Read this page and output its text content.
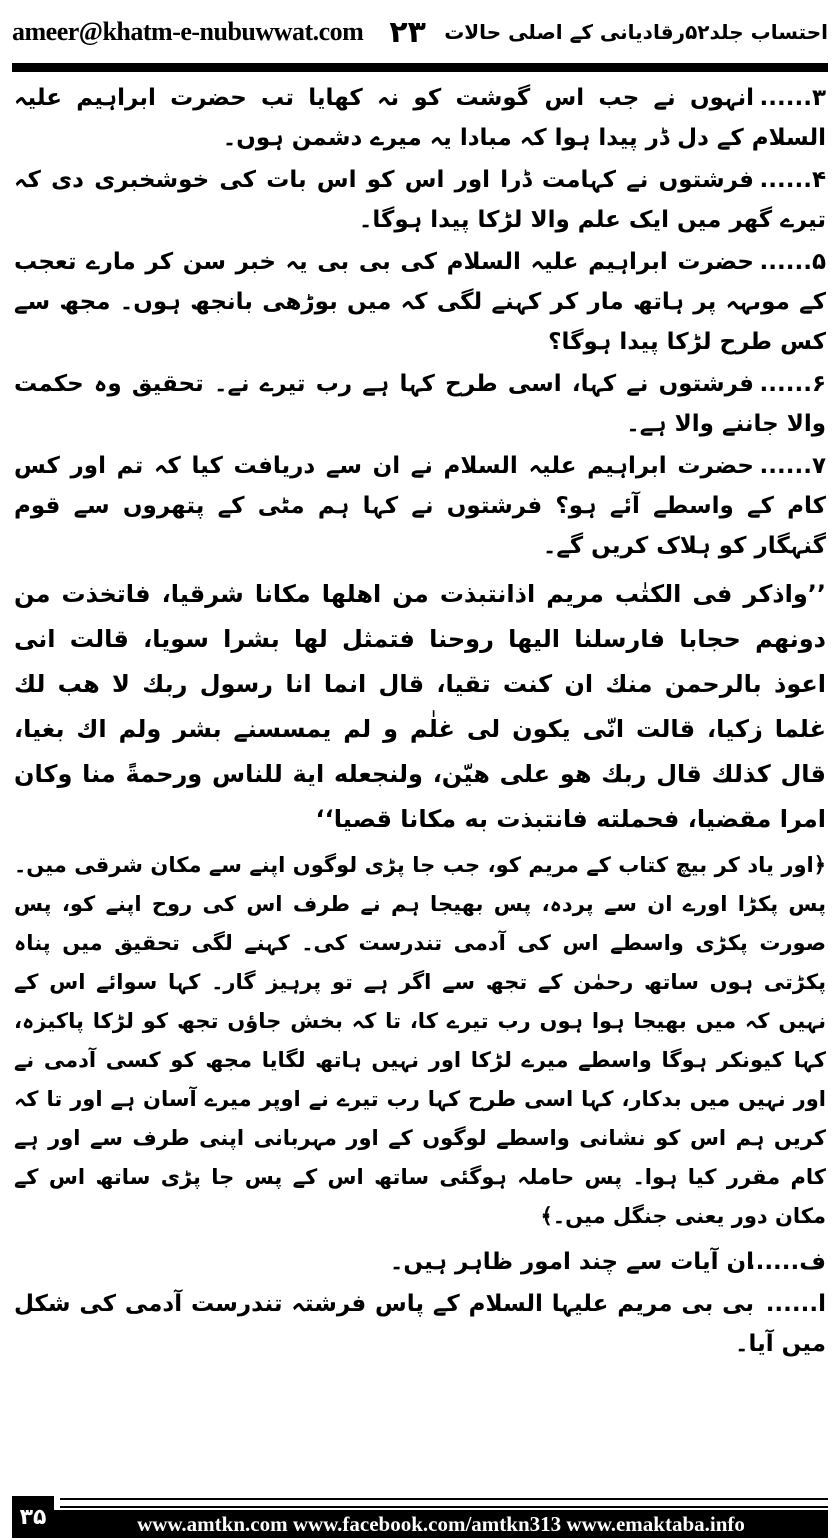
ameer@khatm-e-nubuwwat.com ۲۳ احتساب جلد۵۲رقادیانی کے اصلی حالات

۳......انہوں نے جب اس گوشت کو نہ کھایا تب حضرت ابراہیم علیہ السلام کے دل ڈر پیدا ہوا کہ مبادا یہ میرے دشمن ہوں۔

۴......فرشتوں نے کہامت ڈرا اور اس کو اس بات کی خوشخبری دی کہ تیرے گھر میں ایک علم والا لڑکا پیدا ہوگا۔

۵......حضرت ابراہیم علیہ السلام کی بی بی یہ خبر سن کر مارے تعجب کے موںہہ پر ہاتھ مار کر کہنے لگی کہ میں بوڑھی بانجھ ہوں۔ مجھ سے کس طرح لڑکا پیدا ہوگا؟

۶......فرشتوں نے کہا، اسی طرح کہا ہے رب تیرے نے۔ تحقیق وہ حکمت والا جاننے والا ہے۔

۷......حضرت ابراہیم علیہ السلام نے ان سے دریافت کیا کہ تم اور کس کام کے واسطے آئے ہو؟ فرشتوں نے کہا ہم مٹی کے پتھروں سے قوم گنہگار کو ہلاک کریں گے۔

’’واذكر فی الكتٰب مریم اذانتبذت من اهلها مكانا شرقیا، فاتخذت من دونهم حجابا فارسلنا الیها روحنا فتمثل لها بشرا سویا، قالت انی اعوذ بالرحمن منك ان كنت تقیا، قال انما انا رسول ربك لا هب لك غلما زكیا، قالت انّی یكون لی غلٰم و لم یمسسنے بشر ولم اك بغیا، قال كذلك قال ربك هو علی هیّن، ولنجعله ایة للناس ورحمةً منا وكان امرا مقضیا، فحملته فانتبذت به مكانا قصیا‘‘

﴿اور یاد کر بیچ کتاب کے مریم کو، جب جا پڑی لوگوں اپنے سے مکان شرقی میں۔ پس پکڑا اورے ان سے پردہ، پس بھیجا ہم نے طرف اس کی روح اپنے کو، پس صورت پکڑی واسطے اس کی آدمی تندرست کی۔ کہنے لگی تحقیق میں پناہ پکڑتی ہوں ساتھ رحمٰن کے تجھ سے اگر ہے تو پرہیز گار۔ کہا سوائے اس کے نہیں کہ میں بھیجا ہوا ہوں رب تیرے کا، تا کہ بخش جاؤں تجھ کو لڑکا پاکیزہ، کہا کیونکر ہوگا واسطے میرے لڑکا اور نہیں ہاتھ لگایا مجھ کو کسی آدمی نے اور نہیں میں بدکار، کہا اسی طرح کہا رب تیرے نے اوپر میرے آسان ہے اور تا کہ کریں ہم اس کو نشانی واسطے لوگوں کے اور مہربانی اپنی طرف سے اور ہے کام مقرر کیا ہوا۔ پس حاملہ ہوگئی ساتھ اس کے پس جا پڑی ساتھ اس کے مکان دور یعنی جنگل میں۔﴾

ف......ان آیات سے چند امور ظاہر ہیں۔

ا......بی بی مریم علیہا السلام کے پاس فرشتہ تندرست آدمی کی شکل میں آیا۔

۳۵	www.amtkn.com www.facebook.com/amtkn313 www.emaktaba.info
